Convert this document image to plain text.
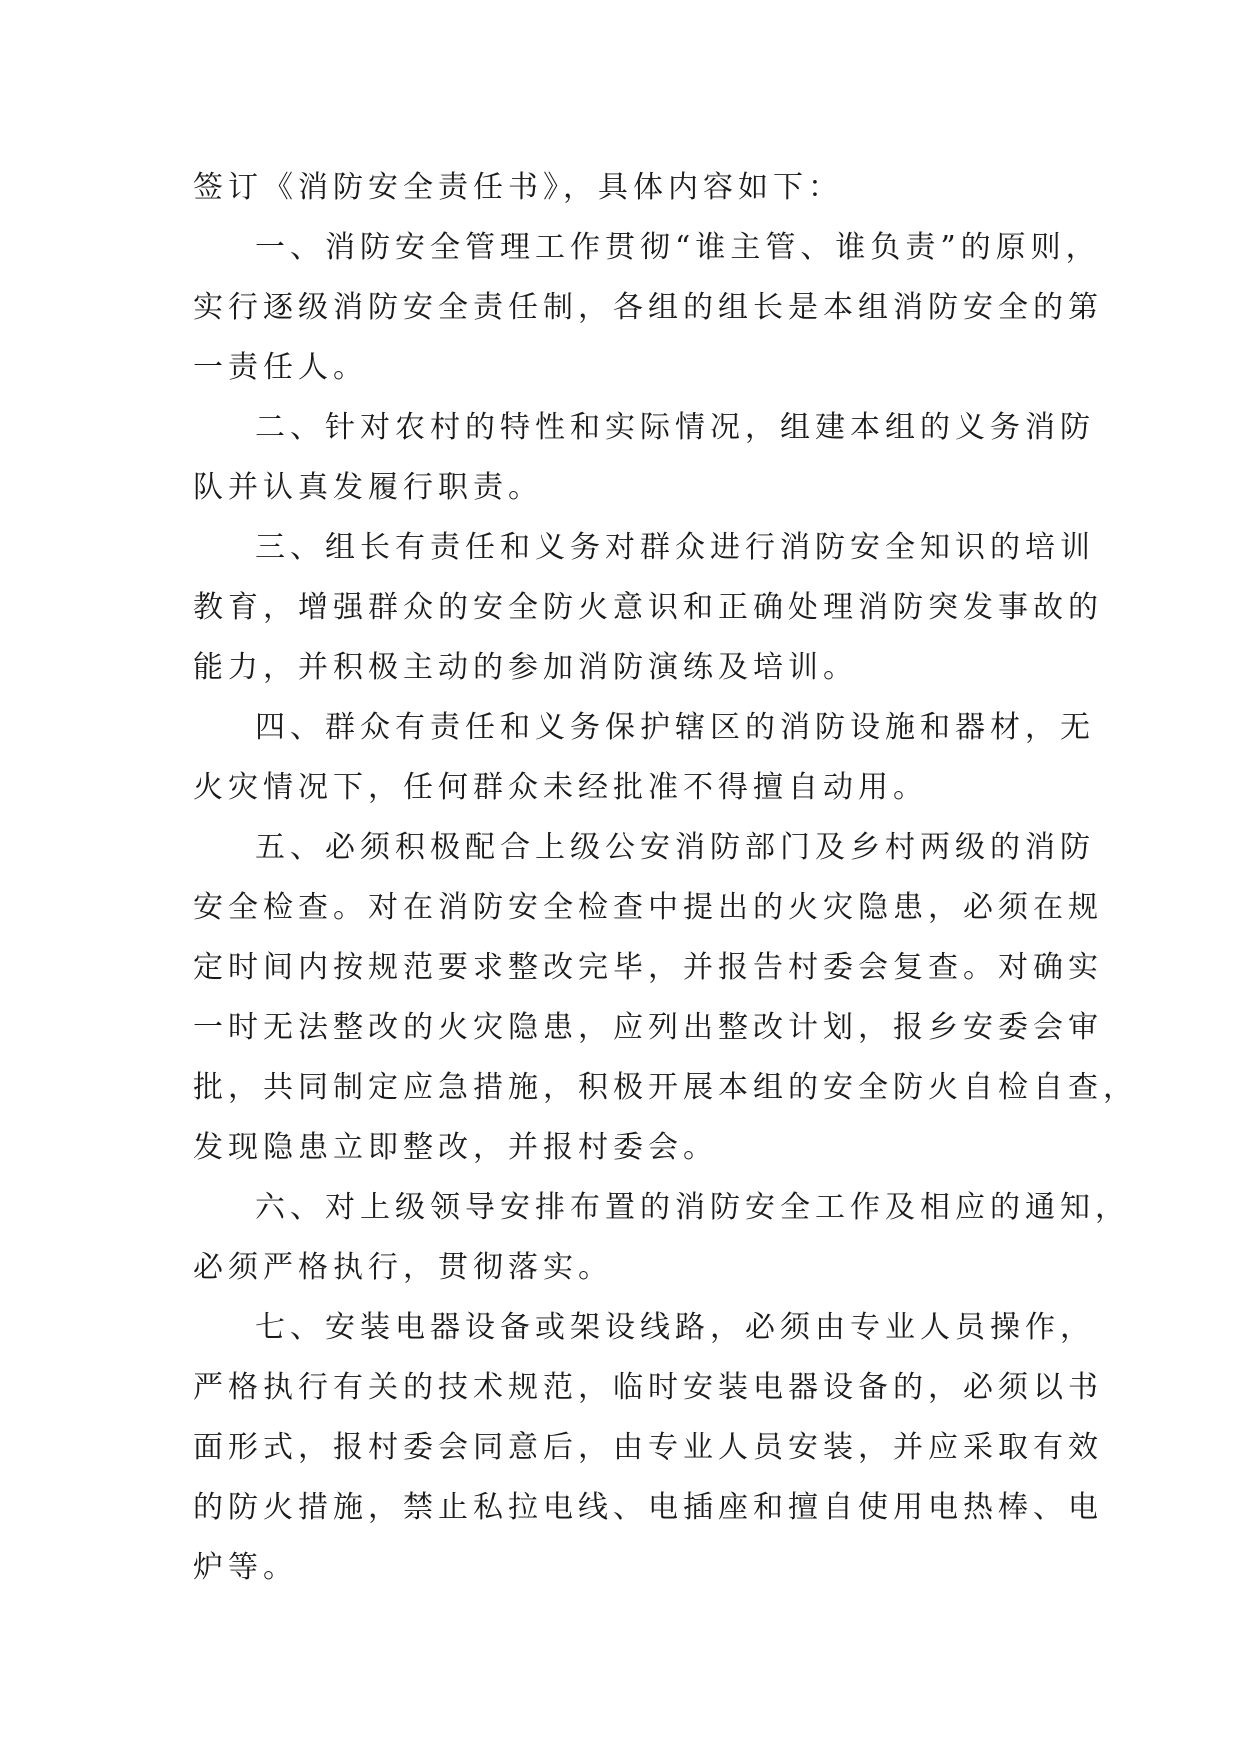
签订《消防安全责任书》，具体内容如下：
一、消防安全管理工作贯彻“谁主管、谁负责”的原则，
实行逐级消防安全责任制，各组的组长是本组消防安全的第
一责任人。
二、针对农村的特性和实际情况，组建本组的义务消防
队并认真发履行职责。
三、组长有责任和义务对群众进行消防安全知识的培训
教育，增强群众的安全防火意识和正确处理消防突发事故的
能力，并积极主动的参加消防演练及培训。
四、群众有责任和义务保护辖区的消防设施和器材，无
火灾情况下，任何群众未经批准不得擅自动用。
五、必须积极配合上级公安消防部门及乡村两级的消防
安全检查。对在消防安全检查中提出的火灾隐患，必须在规
定时间内按规范要求整改完毕，并报告村委会复查。对确实
一时无法整改的火灾隐患，应列出整改计划，报乡安委会审
批，共同制定应急措施，积极开展本组的安全防火自检自查，
发现隐患立即整改，并报村委会。
六、对上级领导安排布置的消防安全工作及相应的通知，
必须严格执行，贯彻落实。
七、安装电器设备或架设线路，必须由专业人员操作，
严格执行有关的技术规范，临时安装电器设备的，必须以书
面形式，报村委会同意后，由专业人员安装，并应采取有效
的防火措施，禁止私拉电线、电插座和擅自使用电热棒、电
炉等。
